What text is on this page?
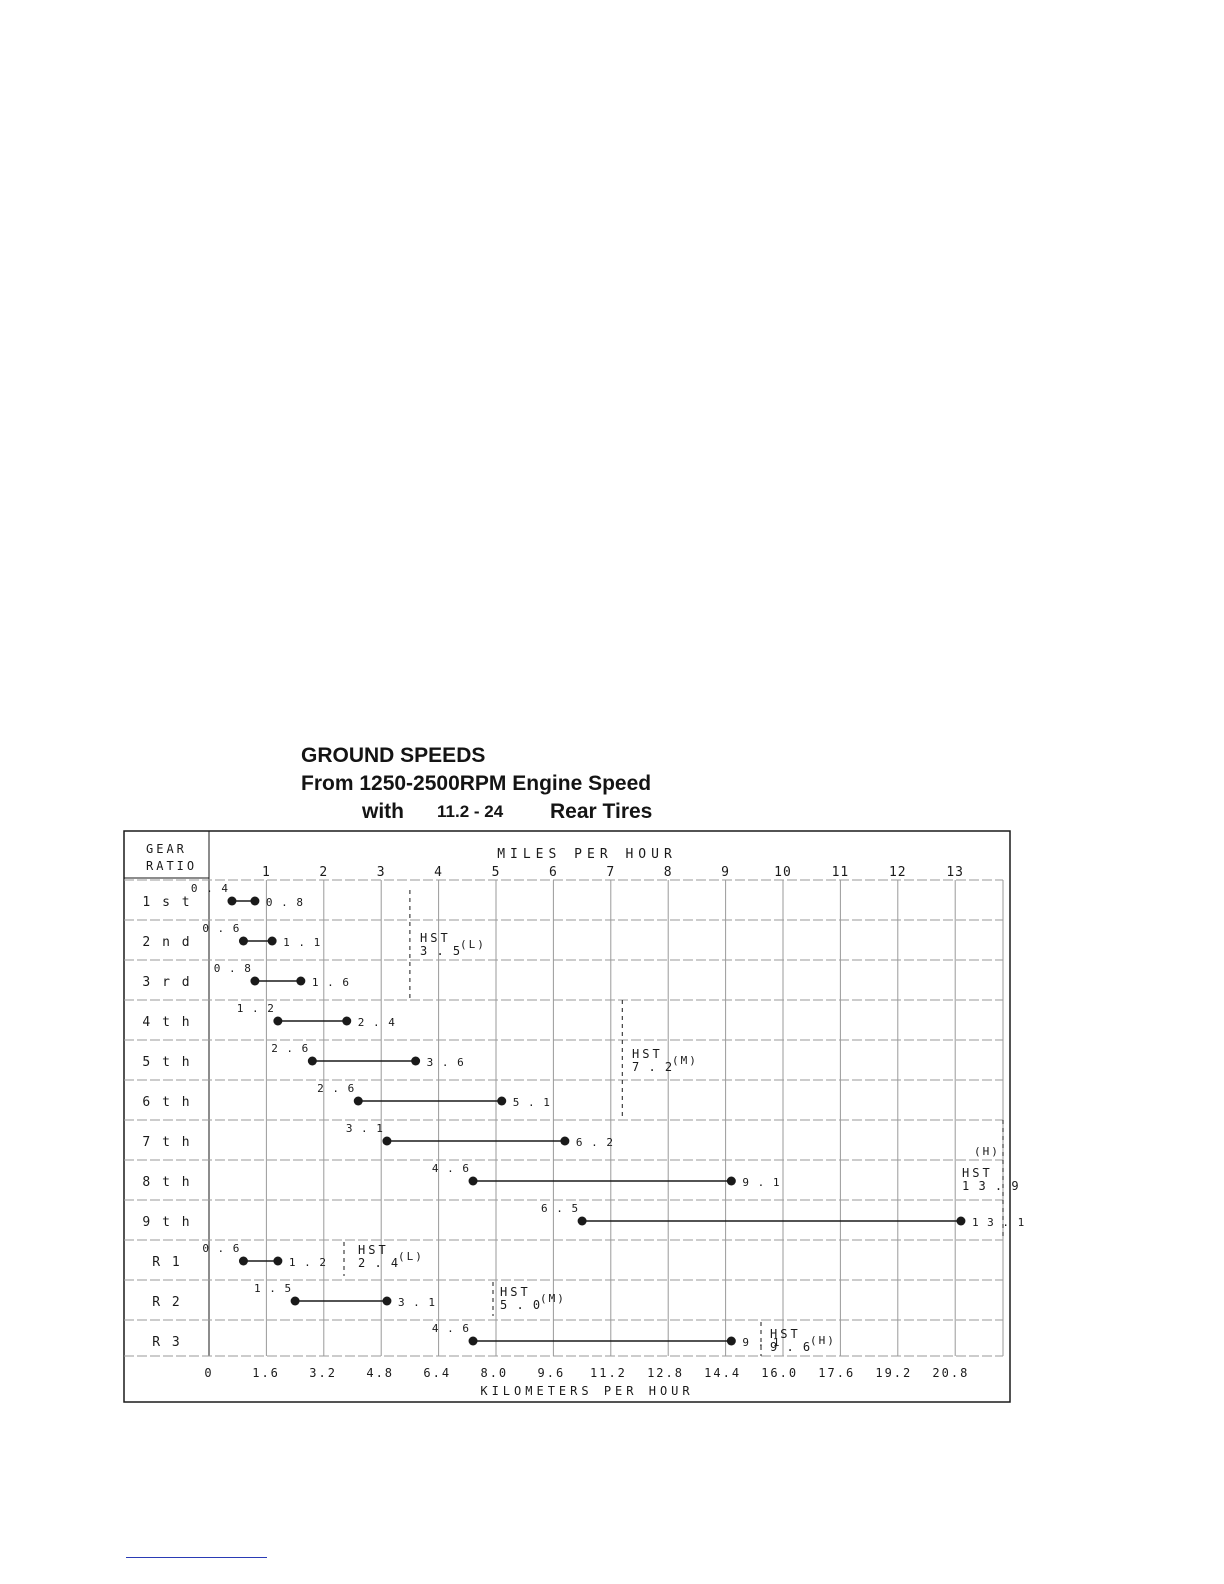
GROUND SPEEDS
From 1250-2500RPM Engine Speed
with 11.2 - 24 Rear Tires
GEAR
RATIO
MILES PER HOUR
1	2	3	4	5	6	7	8	9	10	11	12	13
1 s t
2 n d
3 r d
4 t h
5 t h
6 t h
7 t h
8 t h
9 t h
R 1
R 2
R 3
0	1.6 3.2 4.8 6.4 8.0 9.6 11.2 12.8 14.4 16.0 17.6 19.2 20.8
KILOMETERS PER HOUR
HST
3 . 5
(L)
HST
7 . 2
(M)
HST
1 3 . 9
(H)
HST
2 . 4
(L)
HST
5 . 0
(M)
HST
9 . 6
(H)
0 . 4
0 . 8
0 . 6
1 . 1
0 . 8
1 . 6
1 . 2
2 . 4
2 . 6
3 . 6
2 . 6
5 . 1
3 . 1
6 . 2
4 . 6
9 . 1
6 . 5
1 3 . 1
0 . 6
1 . 2
1 . 5
3 . 1
4 . 6
9 . 1
